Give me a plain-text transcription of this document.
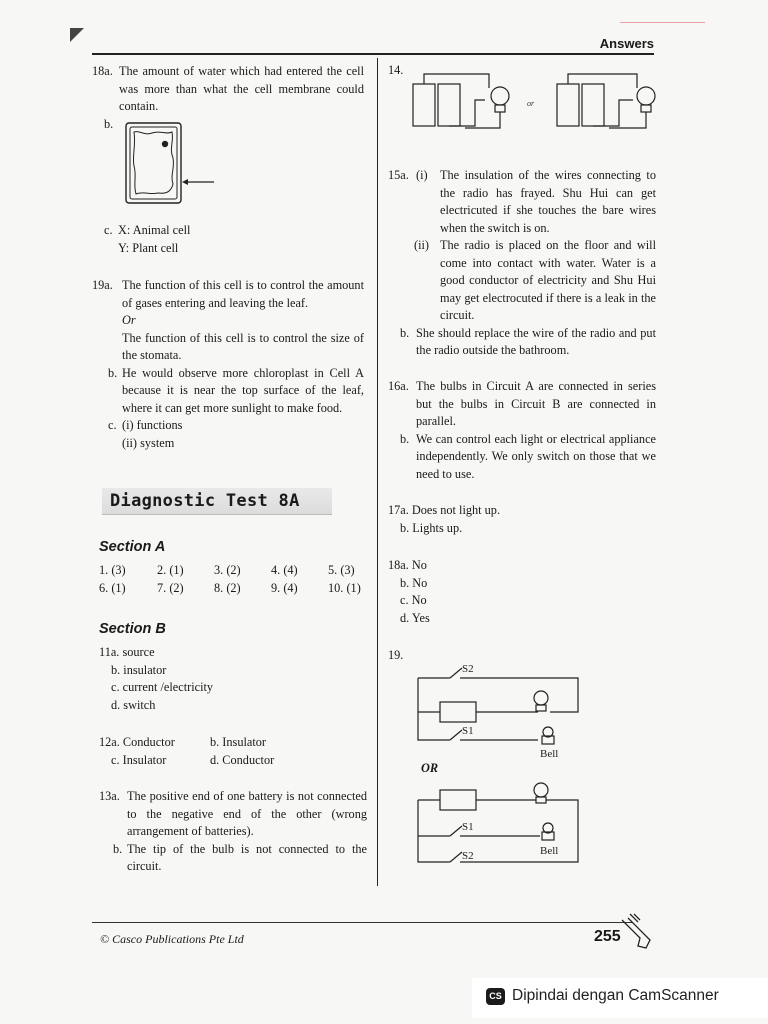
Answers
18a. The amount of water which had entered the cell was more than what the cell membrane could contain.
b.
c. X: Animal cell

Y: Plant cell

19a. The function of this cell is to control the amount of gases entering and leaving the leaf.

Or

The function of this cell is to control the size of the stomata.

b. He would observe more chloroplast in Cell A because it is near the top surface of the leaf, where it can get more sunlight to make food.
c. (i) functions

(ii) system

Diagnostic Test 8A
Section A
1. (3)	2. (1) 3. (2) 4. (4) 5. (3)
6. (1)	7. (2) 8. (2) 9. (4) 10. (1)
Section B

11a. source

b. insulator

c. current /electricity

d. switch

12a. Conductor	b. Insulator
c. Insulator	d. Conductor
13a. The positive end of one battery is not connected to the negative end of the other (wrong arrangement of batteries).
b. The tip of the bulb is not connected to the circuit.
14.
or
15a. (i)	The insulation of the wires connecting to the radio has frayed. Shu Hui can get electricuted if she touches the bare wires when the switch is on.
(ii) The radio is placed on the floor and will come into contact with water. Water is a good conductor of electricity and Shu Hui may get electrocuted if there is a leak in the circuit.
b. She should replace the wire of the radio and put the radio outside the bathroom.
16a. The bulbs in Circuit A are connected in series but the bulbs in Circuit B are connected in parallel.
b. We can control each light or electrical appliance independently. We only switch on those that we need to use.

17a. Does not light up.

b. Lights up.

18a. No

b. No

c. No

d. Yes

19.
S2
S1
Bell
OR
S1
S2	Bell
© Casco Publications Pte Ltd	255
CS Dipindai dengan CamScanner
